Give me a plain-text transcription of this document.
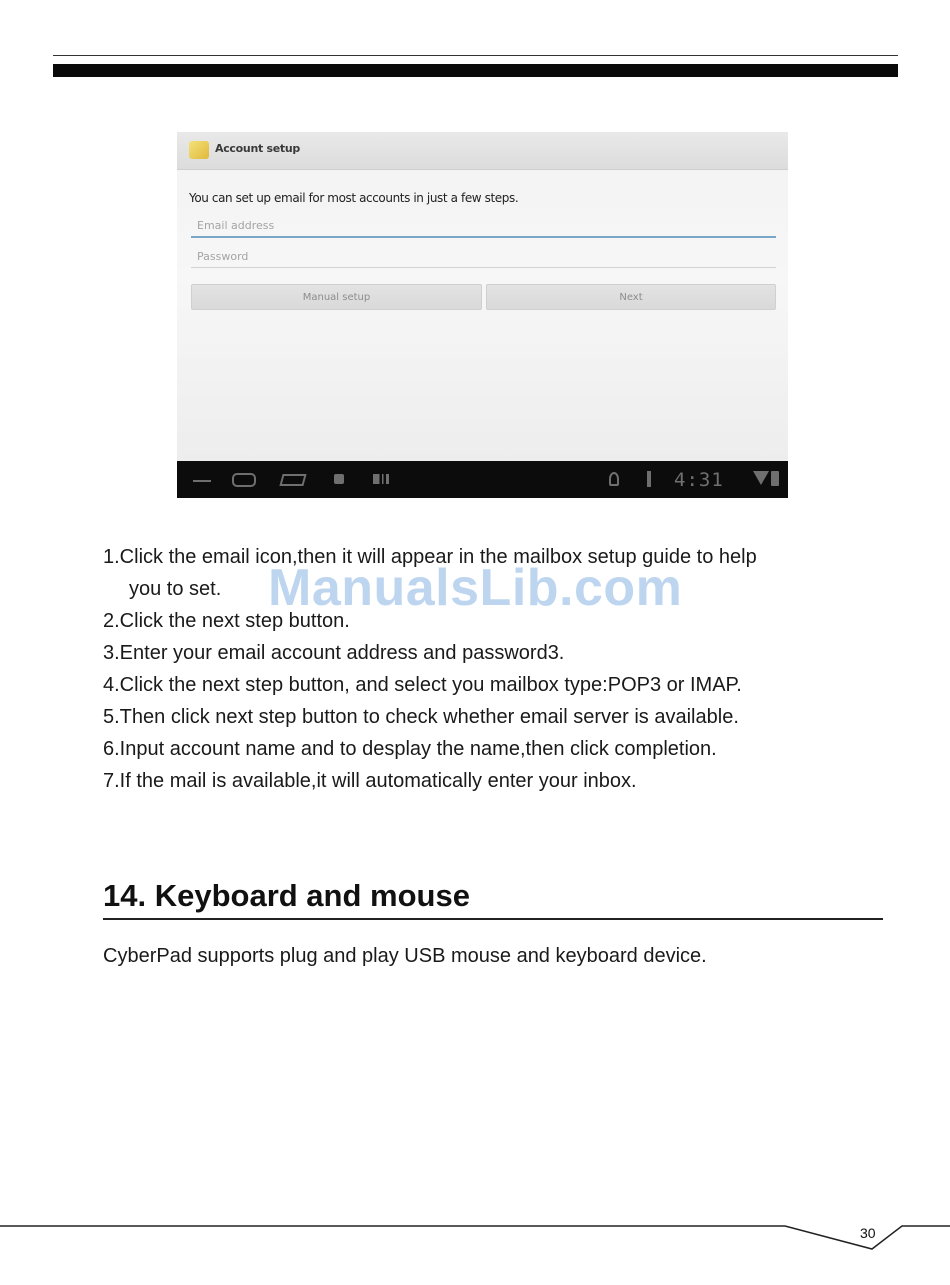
Account setup
You can set up email for most accounts in just a few steps.
Email address
Password
Manual setup	Next
4:31
1.Click the email icon,then it will appear in the mailbox setup guide to help
you to set.
2.Click the next step button.
3.Enter your email account address and password3.
4.Click the next step button, and select you mailbox type:POP3 or IMAP.
5.Then click next step button to check whether email server is available.
6.Input account name and to desplay the name,then click completion.
7.If the mail is available,it will automatically enter your inbox.
ManualsLib.com
14. Keyboard and mouse
CyberPad supports plug and play USB mouse and keyboard device.
30
